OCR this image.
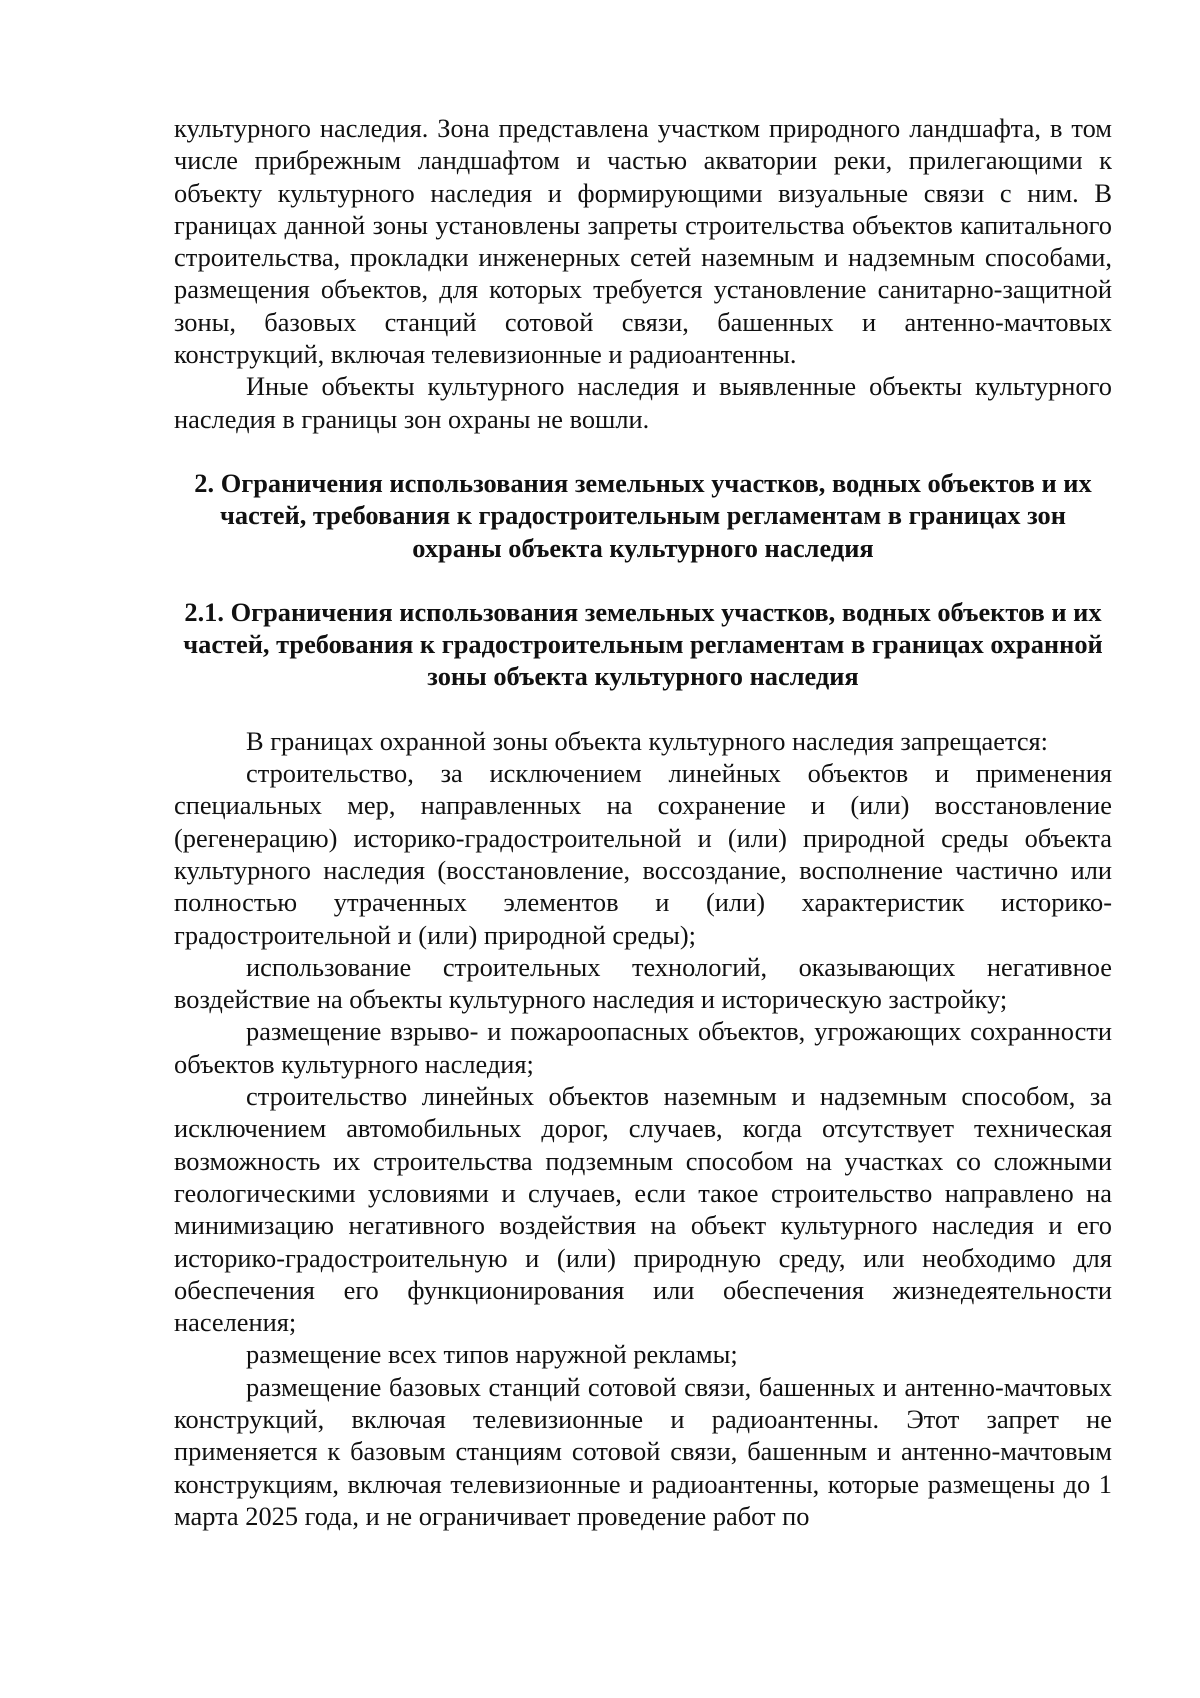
культурного наследия. Зона представлена участком природного ландшафта, в том числе прибрежным ландшафтом и частью акватории реки, прилегающими к объекту культурного наследия и формирующими визуальные связи с ним. В границах данной зоны установлены запреты строительства объектов капитального строительства, прокладки инженерных сетей наземным и надземным способами, размещения объектов, для которых требуется установление санитарно-защитной зоны, базовых станций сотовой связи, башенных и антенно-мачтовых конструкций, включая телевизионные и радиоантенны.

Иные объекты культурного наследия и выявленные объекты культурного наследия в границы зон охраны не вошли.

2. Ограничения использования земельных участков, водных объектов и их частей, требования к градостроительным регламентам в границах зон охраны объекта культурного наследия

2.1. Ограничения использования земельных участков, водных объектов и их частей, требования к градостроительным регламентам в границах охранной зоны объекта культурного наследия

В границах охранной зоны объекта культурного наследия запрещается:

строительство, за исключением линейных объектов и применения специальных мер, направленных на сохранение и (или) восстановление (регенерацию) историко-градостроительной и (или) природной среды объекта культурного наследия (восстановление, воссоздание, восполнение частично или полностью утраченных элементов и (или) характеристик историко-градостроительной и (или) природной среды);

использование строительных технологий, оказывающих негативное воздействие на объекты культурного наследия и историческую застройку;

размещение взрыво- и пожароопасных объектов, угрожающих сохранности объектов культурного наследия;

строительство линейных объектов наземным и надземным способом, за исключением автомобильных дорог, случаев, когда отсутствует техническая возможность их строительства подземным способом на участках со сложными геологическими условиями и случаев, если такое строительство направлено на минимизацию негативного воздействия на объект культурного наследия и его историко-градостроительную и (или) природную среду, или необходимо для обеспечения его функционирования или обеспечения жизнедеятельности населения;

размещение всех типов наружной рекламы;

размещение базовых станций сотовой связи, башенных и антенно-мачтовых конструкций, включая телевизионные и радиоантенны. Этот запрет не применяется к базовым станциям сотовой связи, башенным и антенно-мачтовым конструкциям, включая телевизионные и радиоантенны, которые размещены до 1 марта 2025 года, и не ограничивает проведение работ по
